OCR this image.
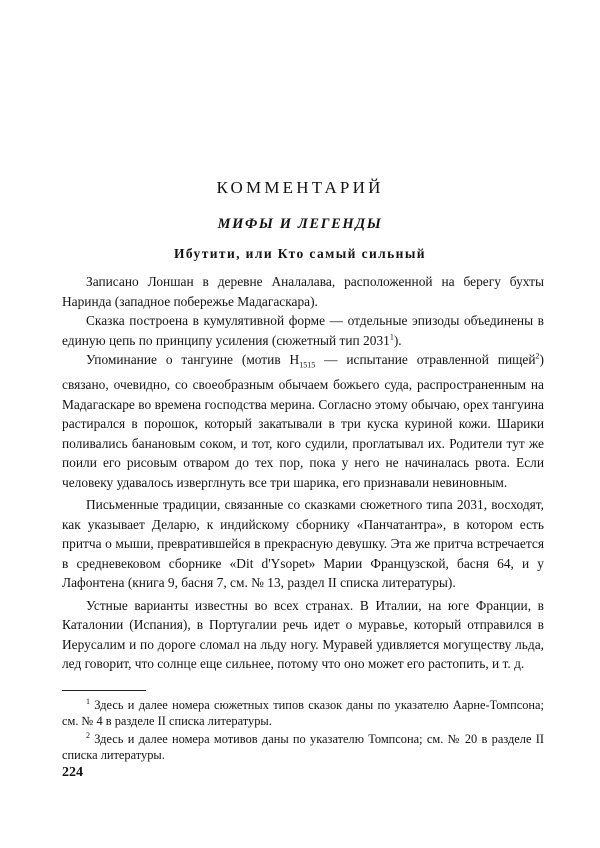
КОММЕНТАРИЙ
МИФЫ И ЛЕГЕНДЫ
Ибутити, или Кто самый сильный

Записано Лоншан в деревне Аналалава, расположенной на берегу бухты Нариндa (западное побережье Мадагаскара).

Сказка построена в кумулятивной форме — отдельные эпизоды объединены в единую цепь по принципу усиления (сюжетный тип 2031$^1$).

Упоминание о тангуине (мотив $H_{1515}$ — испытание отравленной пищей$^2$) связано, очевидно, со своеобразным обычаем божьего суда, распространенным на Мадагаскаре во времена господства мерина. Согласно этому обычаю, орех тангуина растирался в порошок, который закатывали в три куска куриной кожи. Шарики поливались банановым соком, и тот, кого судили, проглатывал их. Родители тут же поили его рисовым отваром до тех пор, пока у него не начиналась рвота. Если человеку удавалось изверглнуть все три шарика, его признавали невиновным.

Письменные традиции, связанные со сказками сюжетного типа 2031, восходят, как указывает Деларю, к индийскому сборнику «Панчатантра», в котором есть притча о мыши, превратившейся в прекрасную девушку. Эта же притча встречается в средневековом сборнике «Dit d'Ysopet» Марии Французской, басня 64, и у Лафонтена (книга 9, басня 7, см. № 13, раздел II списка литературы).

Устные варианты известны во всех странах. В Италии, на юге Франции, в Каталонии (Испания), в Португалии речь идет о муравье, который отправился в Иерусалим и по дороге сломал на льду ногу. Муравей удивляется могуществу льда, лед говорит, что солнце еще сильнее, потому что оно может его растопить, и т. д.

$^1$ Здесь и далее номера сюжетных типов сказок даны по указателю Аарне-Томпсона; см. № 4 в разделе II списка литературы.

$^2$ Здесь и далее номера мотивов даны по указателю Томпсона; см. № 20 в разделе II списка литературы.

224
